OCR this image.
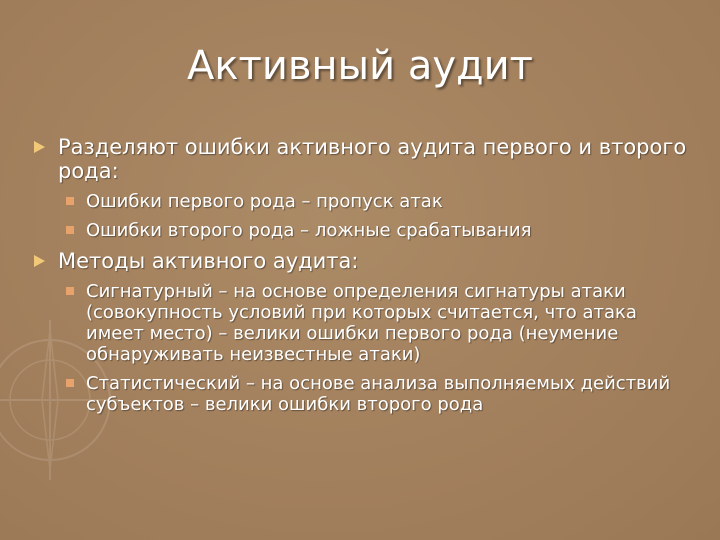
Активный аудит
Разделяют ошибки активного аудита первого и второго рода:
Ошибки первого рода – пропуск атак
Ошибки второго рода – ложные срабатывания
Методы активного аудита:
Сигнатурный – на основе определения сигнатуры атаки (совокупность условий при которых считается, что атака имеет место) – велики ошибки первого рода (неумение обнаруживать неизвестные атаки)
Статистический – на основе анализа выполняемых действий субъектов – велики ошибки второго рода
